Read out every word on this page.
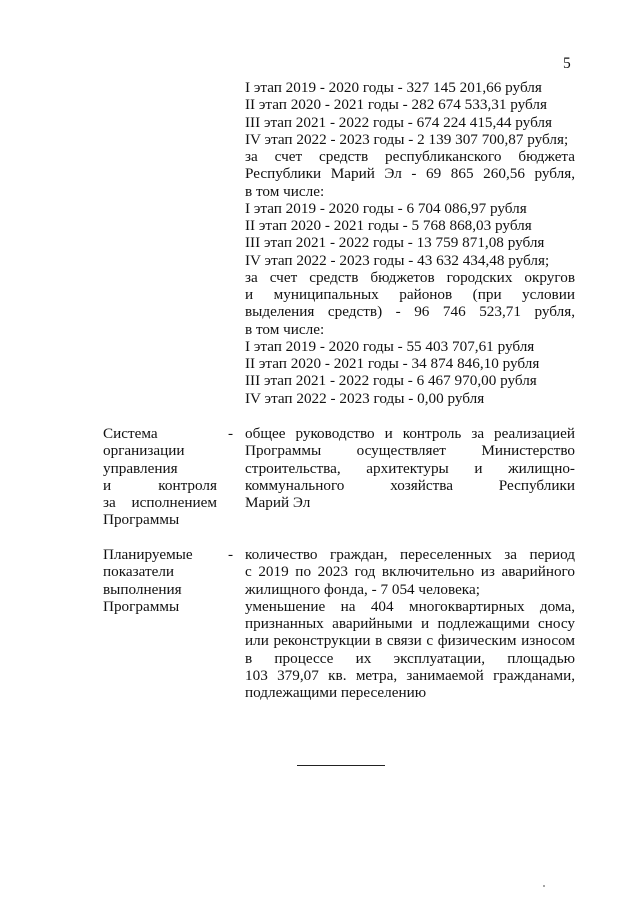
5
I этап 2019 - 2020 годы - 327 145 201,66 рубля
II этап 2020 - 2021 годы - 282 674 533,31 рубля
III этап 2021 - 2022 годы - 674 224 415,44 рубля
IV этап 2022 - 2023 годы - 2 139 307 700,87 рубля;
за счет средств республиканского бюджета
Республики Марий Эл - 69 865 260,56 рубля,
в том числе:
I этап 2019 - 2020 годы - 6 704 086,97 рубля
II этап 2020 - 2021 годы - 5 768 868,03 рубля
III этап 2021 - 2022 годы - 13 759 871,08 рубля
IV этап 2022 - 2023 годы - 43 632 434,48 рубля;
за счет средств бюджетов городских округов
и муниципальных районов (при условии
выделения средств) - 96 746 523,71 рубля,
в том числе:
I этап 2019 - 2020 годы - 55 403 707,61 рубля
II этап 2020 - 2021 годы - 34 874 846,10 рубля
III этап 2021 - 2022 годы - 6 467 970,00 рубля
IV этап 2022 - 2023 годы - 0,00 рубля
Система
организации
управления
и контроля
за исполнением
Программы
- общее руководство и контроль за реализацией
Программы осуществляет Министерство
строительства, архитектуры и жилищно-
коммунального хозяйства Республики
Марий Эл
Планируемые
показатели
выполнения
Программы
- количество граждан, переселенных за период
с 2019 по 2023 год включительно из аварийного
жилищного фонда, - 7 054 человека;
уменьшение на 404 многоквартирных дома,
признанных аварийными и подлежащими сносу
или реконструкции в связи с физическим износом
в процессе их эксплуатации, площадью
103 379,07 кв. метра, занимаемой гражданами,
подлежащими переселению
